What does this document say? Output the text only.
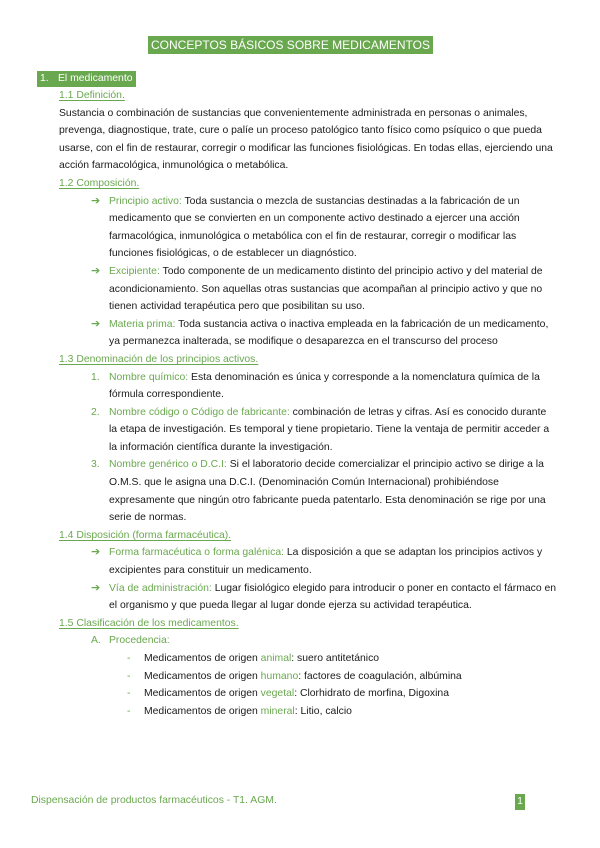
CONCEPTOS BÁSICOS SOBRE MEDICAMENTOS
1. El medicamento
1.1 Definición.
Sustancia o combinación de sustancias que convenientemente administrada en personas o animales, prevenga, diagnostique, trate, cure o palíe un proceso patológico tanto físico como psíquico o que pueda usarse, con el fin de restaurar, corregir o modificar las funciones fisiológicas. En todas ellas, ejerciendo una acción farmacológica, inmunológica o metabólica.
1.2 Composición.
➔ Principio activo: Toda sustancia o mezcla de sustancias destinadas a la fabricación de un medicamento que se convierten en un componente activo destinado a ejercer una acción farmacológica, inmunológica o metabólica con el fin de restaurar, corregir o modificar las funciones fisiológicas, o de establecer un diagnóstico.
➔ Excipiente: Todo componente de un medicamento distinto del principio activo y del material de acondicionamiento. Son aquellas otras sustancias que acompañan al principio activo y que no tienen actividad terapéutica pero que posibilitan su uso.
➔ Materia prima: Toda sustancia activa o inactiva empleada en la fabricación de un medicamento, ya permanezca inalterada, se modifique o desaparezca en el transcurso del proceso
1.3 Denominación de los principios activos.
1. Nombre químico: Esta denominación es única y corresponde a la nomenclatura química de la fórmula correspondiente.
2. Nombre código o Código de fabricante: combinación de letras y cifras. Así es conocido durante la etapa de investigación. Es temporal y tiene propietario. Tiene la ventaja de permitir acceder a la información científica durante la investigación.
3. Nombre genérico o D.C.I: Si el laboratorio decide comercializar el principio activo se dirige a la O.M.S. que le asigna una D.C.I. (Denominación Común Internacional) prohibiéndose expresamente que ningún otro fabricante pueda patentarlo. Esta denominación se rige por una serie de normas.
1.4 Disposición (forma farmacéutica).
➔ Forma farmacéutica o forma galénica: La disposición a que se adaptan los principios activos y excipientes para constituir un medicamento.
➔ Vía de administración: Lugar fisiológico elegido para introducir o poner en contacto el fármaco en el organismo y que pueda llegar al lugar donde ejerza su actividad terapéutica.
1.5 Clasificación de los medicamentos.
A. Procedencia:
- Medicamentos de origen animal: suero antitetánico
- Medicamentos de origen humano: factores de coagulación, albúmina
- Medicamentos de origen vegetal: Clorhidrato de morfina, Digoxina
- Medicamentos de origen mineral: Litio, calcio
Dispensación de productos farmacéuticos - T1. AGM.	1
